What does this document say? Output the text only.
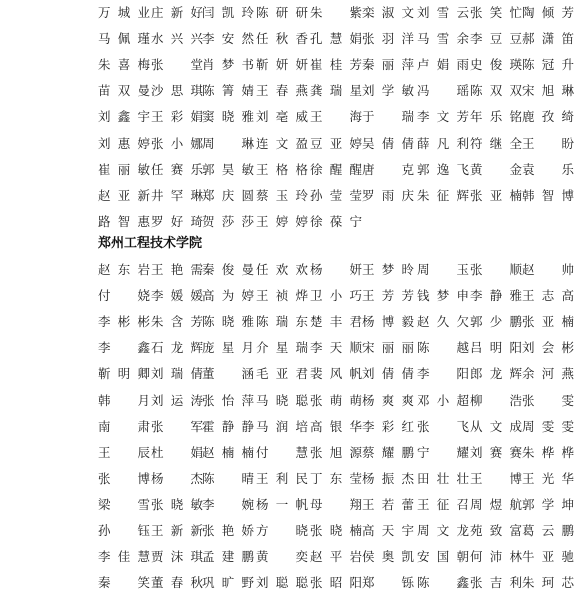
万 城 业 庄 新 好 闫 凯 玲 陈 研 研 朱 紫 栾 淑 文 刘 雪 云 张 笑 忙 陶 倾 芳
马 佩 瑾 水 兴 兴 李 安 然 任 秋 香 孔 慧 娟 张 羽 洋 马 雪 余 李 豆 豆 郝 潇 笛
朱 喜 梅 张 堂 肖 梦 书 靳 妍 妍 崔 桂 芳 秦 丽 萍 卢 娟 雨 史 俊 瑛 陈 冠 升
苗 双 曼 沙 思 琪 陈 箐 婧 王 春 燕 龚 瑞 星 刘 学 敏 冯 瑶 陈 双 双 宋 旭 琳
刘 鑫 宇 王 彩 娟 窦 晓 雅 刘 亳 威 王 海 于 瑞 李 文 芳 年 乐 铭 鹿 孜 绮
刘 惠 婷 张 小 娜 周 琳 连 文 盈 豆 亚 婷 吴 倩 倩 薛 凡 利 符 继 全 王 盼
崔 丽 敏 任 赛 乐 郭 昊 敏 王 格 格 徐 醒 醒 唐 克 郭 逸 飞 黄 金 袁 乐
赵 亚 新 井 罕 琳 郑 庆 圆 蔡 玉 玲 孙 莹 莹 罗 雨 庆 朱 征 辉 张 亚 楠 韩 智 博
路 智 惠 罗 好 琦 贺 莎 莎 王 婷 婷 徐 葆 宁
郑州工程技术学院
赵 东 岩 王 艳 需 秦 俊 曼 任 欢 欢 杨 妍 王 梦 昤 周 玉 张 顺 赵 帅
付 娆 李 媛 媛 高 为 婷 王 祯 烨 卫 小 巧 王 芳 芳 钱 梦 申 李 静 雅 王 志 高
李 彬 彬 朱 含 芳 陈 晓 雅 陈 瑞 东 楚 丰 君 杨 博 毅 赵 久 欠 郭 少 鹏 张 亚 楠
李 鑫 石 龙 辉 庞 星 月 介 星 瑞 李 天 顺 宋 丽 丽 陈 越 吕 明 阳 刘 会 彬
靳 明 卿 刘 瑞 倩 董 涵 毛 亚 君 裴 风 帆 刘 倩 倩 李 阳 郎 龙 辉 余 河 燕
韩 月 刘 运 涛 张 怡 萍 马 晓 聪 张 萌 萌 杨 爽 爽 邓 小 超 柳 浩 张 雯
南 肃 张 军 霍 静 静 马 润 培 高 银 华 李 彩 红 张 飞 从 文 成 周 雯 雯
王 辰 杜 娟 赵 楠 楠 付 慧 张 旭 源 蔡 耀 鹏 宁 耀 刘 赛 赛 朱 桦 桦
张 博 杨 杰 陈 晴 王 利 民 丁 东 莹 杨 振 杰 田 壮 壮 王 博 王 光 华
梁 雪 张 晓 敏 李 婉 杨 一 帆 母 翔 王 若 蕾 王 征 召 周 煜 航 郭 学 坤
孙 钰 王 新 新 张 艳 娇 方 晓 张 晓 楠 高 天 宇 周 文 龙 苑 致 富 葛 云 鹏
李 佳 慧 贾 沫 琪 孟 建 鹏 黄 奕 赵 平 岩 侯 奥 凯 安 国 朝 何 沛 林 牛 亚 驰
秦 笑 董 春 秋 巩 旷 野 刘 聪 聪 张 昭 阳 郑 铄 陈 鑫 张 吉 利 朱 珂 芯
